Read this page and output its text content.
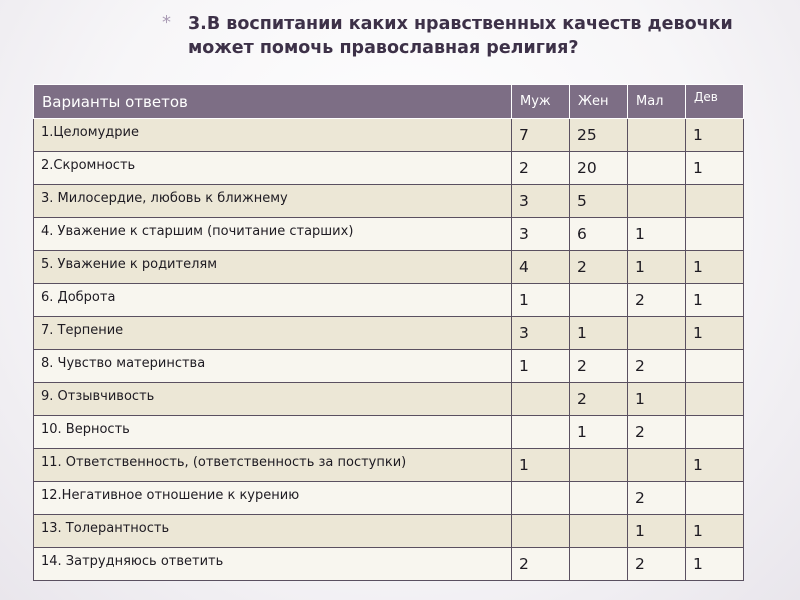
* 3.В воспитании каких нравственных качеств девочки
может помочь православная религия?
Варианты ответов	Муж	Жен	Мал	Дев
1.Целомудрие	7	25		1
2.Скромность	2	20		1
3. Милосердие, любовь к ближнему	3	5		
4. Уважение к старшим (почитание старших)	3	6	1	
5. Уважение к родителям	4	2	1	1
6. Доброта	1		2	1
7. Терпение	3	1		1
8. Чувство материнства	1	2	2	
9. Отзывчивость		2	1	
10. Верность		1	2	
11. Ответственность, (ответственность за поступки)	1			1
12.Негативное отношение к курению			2	
13. Толерантность			1	1
14. Затрудняюсь ответить	2		2	1
